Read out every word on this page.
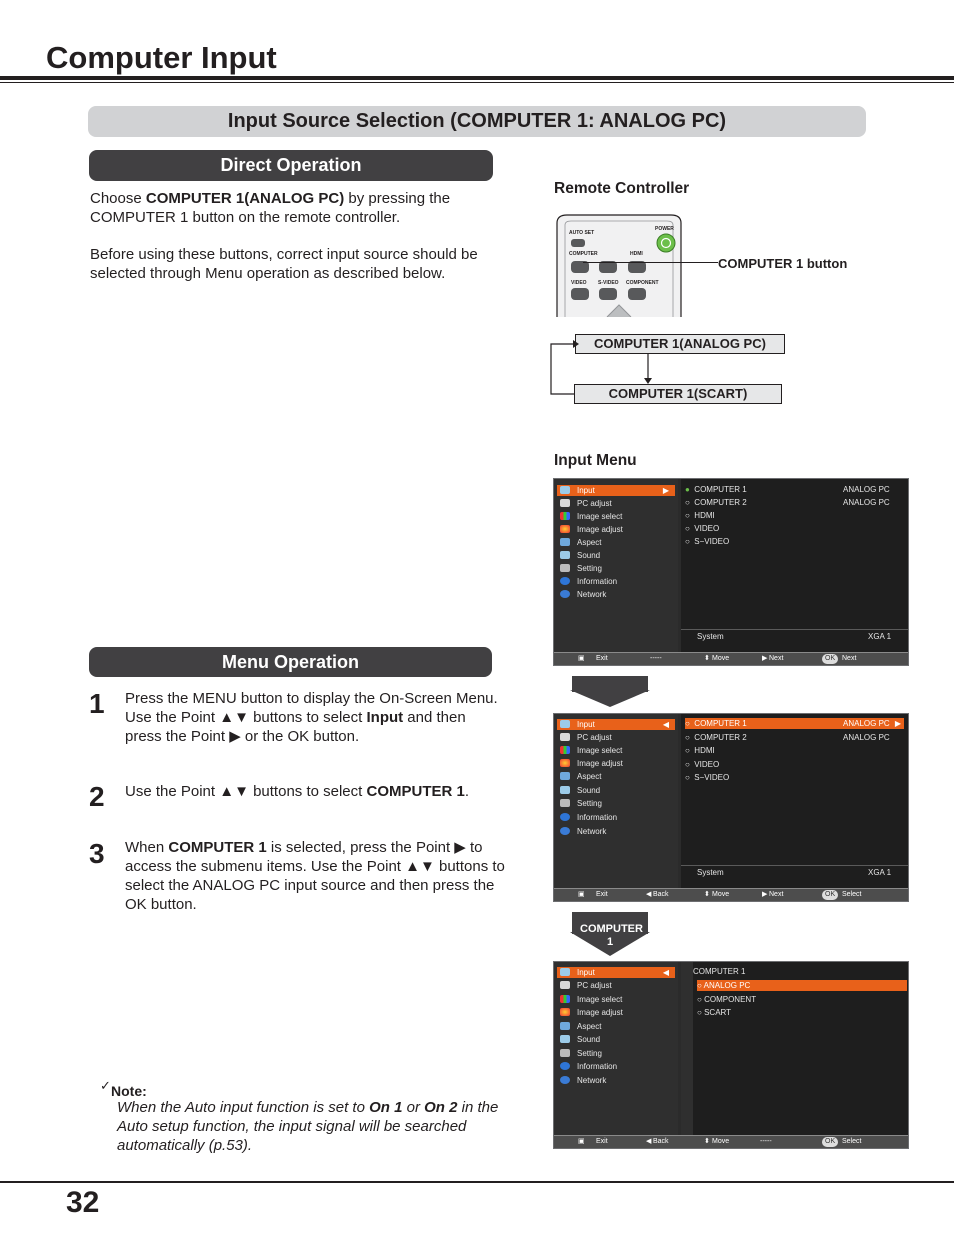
Computer Input
Input Source Selection (COMPUTER 1: ANALOG PC)
Direct Operation
Choose COMPUTER 1(ANALOG PC) by pressing the COMPUTER 1 button on the remote controller.
Before using these buttons, correct input source should be selected through Menu operation as described below.
Remote Controller
AUTO SET
POWER
COMPUTER	HDMI
VIDEO S-VIDEO COMPONENT
COMPUTER 1 button
COMPUTER 1(ANALOG PC)
COMPUTER 1(SCART)
Input Menu
Input	▶
PC adjust
Image select
Image adjust
Aspect
Sound
Setting
Information
Network
● COMPUTER 1	ANALOG PC
○ COMPUTER 2	ANALOG PC
○ HDMI
○ VIDEO
○ S−VIDEO
System	XGA 1
▣ Exit	-----	⬍ Move	▶ Next	OK Next
Input	◀
PC adjust
Image select
Image adjust
Aspect
Sound
Setting
Information
Network
○ COMPUTER 1	ANALOG PC ▶
○ COMPUTER 2	ANALOG PC
○ HDMI
○ VIDEO
○ S−VIDEO
System	XGA 1
▣ Exit	◀ Back	⬍ Move	▶ Next	OK Select
COMPUTER 1
Input	◀
PC adjust
Image select
Image adjust
Aspect
Sound
Setting
Information
Network
COMPUTER 1
○ ANALOG PC
○ COMPONENT
○ SCART
▣ Exit	◀ Back	⬍ Move	-----	OK Select
Menu Operation
1 Press the MENU button to display the On-Screen Menu. Use the Point ▲▼ buttons to select Input and then press the Point ▶ or the OK button.
2 Use the Point ▲▼ buttons to select COMPUTER 1.
3 When COMPUTER 1 is selected, press the Point ▶ to access the submenu items. Use the Point ▲▼ buttons to select the ANALOG PC input source and then press the OK button.
✓ Note:
When the Auto input function is set to On 1 or On 2 in the Auto setup function, the input signal will be searched automatically (p.53).
32
